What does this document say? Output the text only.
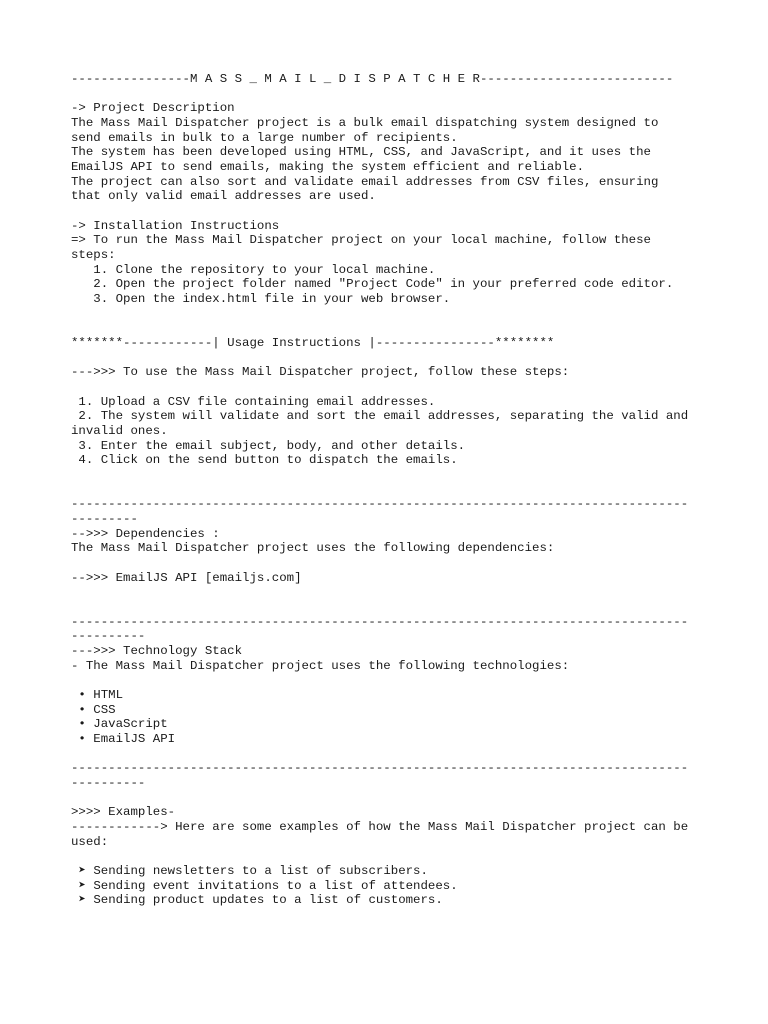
----------------M A S S _ M A I L _ D I S P A T C H E R--------------------------
-> Project Description
The Mass Mail Dispatcher project is a bulk email dispatching system designed to
send emails in bulk to a large number of recipients.
The system has been developed using HTML, CSS, and JavaScript, and it uses the
EmailJS API to send emails, making the system efficient and reliable.
The project can also sort and validate email addresses from CSV files, ensuring
that only valid email addresses are used.
-> Installation Instructions
=> To run the Mass Mail Dispatcher project on your local machine, follow these
steps:
1. Clone the repository to your local machine.
2. Open the project folder named "Project Code" in your preferred code editor.
3. Open the index.html file in your web browser.
*******------------| Usage Instructions |----------------********
--->>> To use the Mass Mail Dispatcher project, follow these steps:
1. Upload a CSV file containing email addresses.
2. The system will validate and sort the email addresses, separating the valid and
invalid ones.
3. Enter the email subject, body, and other details.
4. Click on the send button to dispatch the emails.
-----------------------------------------------------------------------------------
---------
-->>> Dependencies :
The Mass Mail Dispatcher project uses the following dependencies:
-->>> EmailJS API [emailjs.com]
-----------------------------------------------------------------------------------
----------
--->>> Technology Stack
- The Mass Mail Dispatcher project uses the following technologies:
• HTML
• CSS
• JavaScript
• EmailJS API
-----------------------------------------------------------------------------------
----------
>>>> Examples-
------------> Here are some examples of how the Mass Mail Dispatcher project can be
used:
➤ Sending newsletters to a list of subscribers.
➤ Sending event invitations to a list of attendees.
➤ Sending product updates to a list of customers.
